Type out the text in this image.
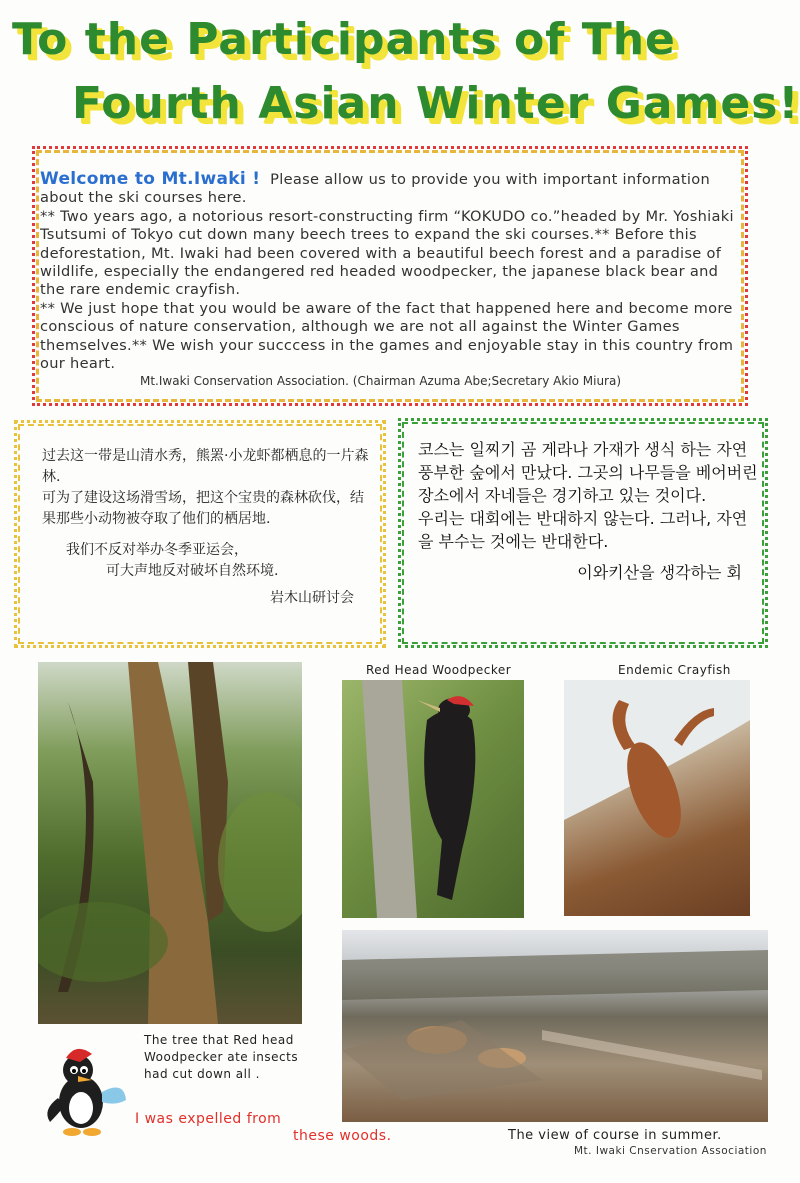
To the Participants of The
Fourth Asian Winter Games!

Welcome to Mt.Iwaki ! Please allow us to provide you with important information about the ski courses here.

** Two years ago, a notorious resort-constructing firm “KOKUDO co.”headed by Mr. Yoshiaki Tsutsumi of Tokyo cut down many beech trees to expand the ski courses.** Before this deforestation, Mt. Iwaki had been covered with a beautiful beech forest and a paradise of wildlife, especially the endangered red headed woodpecker, the japanese black bear and the rare endemic crayfish.

** We just hope that you would be aware of the fact that happened here and become more conscious of nature conservation, although we are not all against the Winter Games themselves.** We wish your succcess in the games and enjoyable stay in this country from our heart.

Mt.Iwaki Conservation Association. (Chairman Azuma Abe;Secretary Akio Miura)

过去这一带是山清水秀，熊罴·小龙虾都栖息的一片森林.

可为了建设这场滑雪场，把这个宝贵的森林砍伐，结果那些小动物被夺取了他们的栖居地.

我们不反对举办冬季亚运会，

可大声地反对破坏自然环境.

岩木山研讨会

코스는 일찌기 곰 게라나 가재가 생식 하는 자연 풍부한 숲에서 만났다. 그곳의 나무들을 베어버린 장소에서 자네들은 경기하고 있는 것이다.

우리는 대회에는 반대하지 않는다. 그러나, 자연을 부수는 것에는 반대한다.

이와키산을 생각하는 회

Red Head Woodpecker	Endemic Crayfish
The tree that Red head Woodpecker ate insects had cut down all .
I was expelled from
these woods.	The view of course in summer.
Mt. Iwaki Cnservation Association
